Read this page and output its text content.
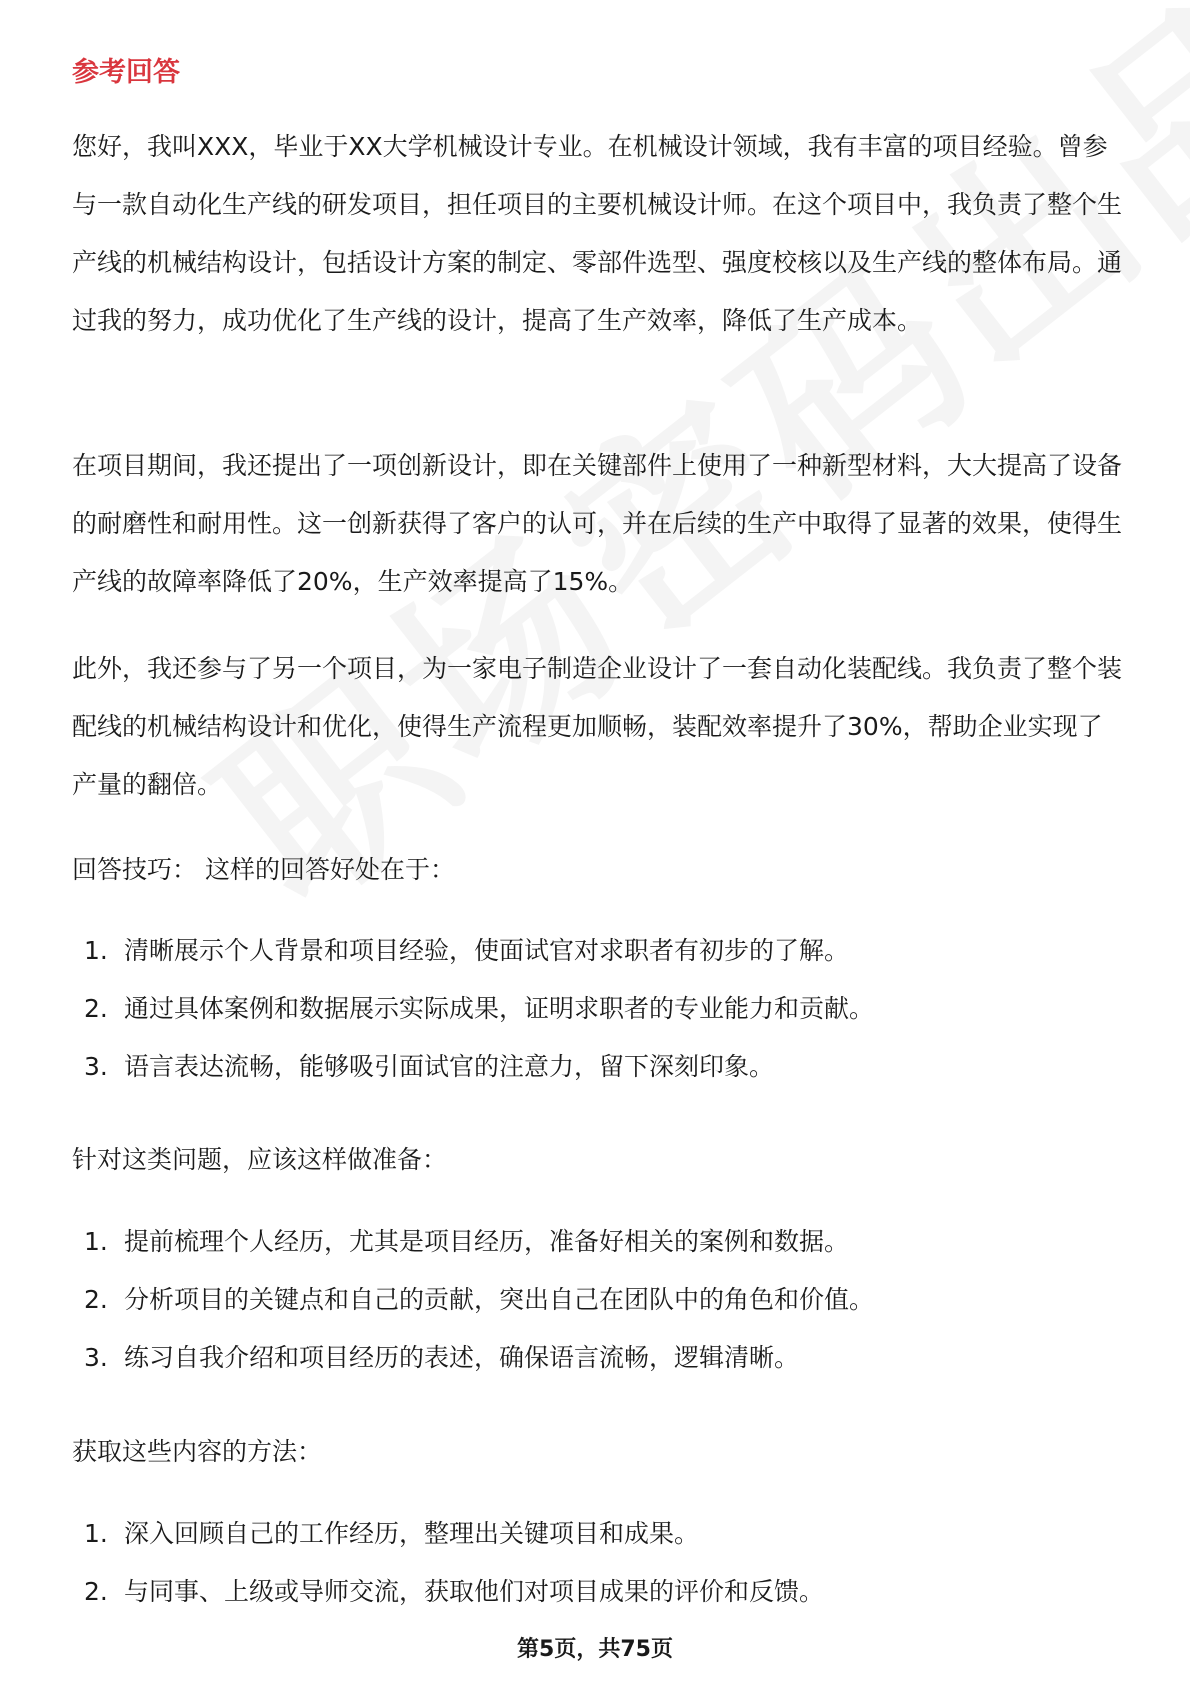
参考回答

您好，我叫XXX，毕业于XX大学机械设计专业。在机械设计领域，我有丰富的项目经验。曾参与一款自动化生产线的研发项目，担任项目的主要机械设计师。在这个项目中，我负责了整个生产线的机械结构设计，包括设计方案的制定、零部件选型、强度校核以及生产线的整体布局。通过我的努力，成功优化了生产线的设计，提高了生产效率，降低了生产成本。

在项目期间，我还提出了一项创新设计，即在关键部件上使用了一种新型材料，大大提高了设备的耐磨性和耐用性。这一创新获得了客户的认可，并在后续的生产中取得了显著的效果，使得生产线的故障率降低了20%，生产效率提高了15%。

此外，我还参与了另一个项目，为一家电子制造企业设计了一套自动化装配线。我负责了整个装配线的机械结构设计和优化，使得生产流程更加顺畅，装配效率提升了30%，帮助企业实现了产量的翻倍。

回答技巧： 这样的回答好处在于：

1. 清晰展示个人背景和项目经验，使面试官对求职者有初步的了解。
2. 通过具体案例和数据展示实际成果，证明求职者的专业能力和贡献。
3. 语言表达流畅，能够吸引面试官的注意力，留下深刻印象。

针对这类问题，应该这样做准备：

1. 提前梳理个人经历，尤其是项目经历，准备好相关的案例和数据。
2. 分析项目的关键点和自己的贡献，突出自己在团队中的角色和价值。
3. 练习自我介绍和项目经历的表述，确保语言流畅，逻辑清晰。

获取这些内容的方法：

1. 深入回顾自己的工作经历，整理出关键项目和成果。
2. 与同事、上级或导师交流，获取他们对项目成果的评价和反馈。
第5页，共75页
